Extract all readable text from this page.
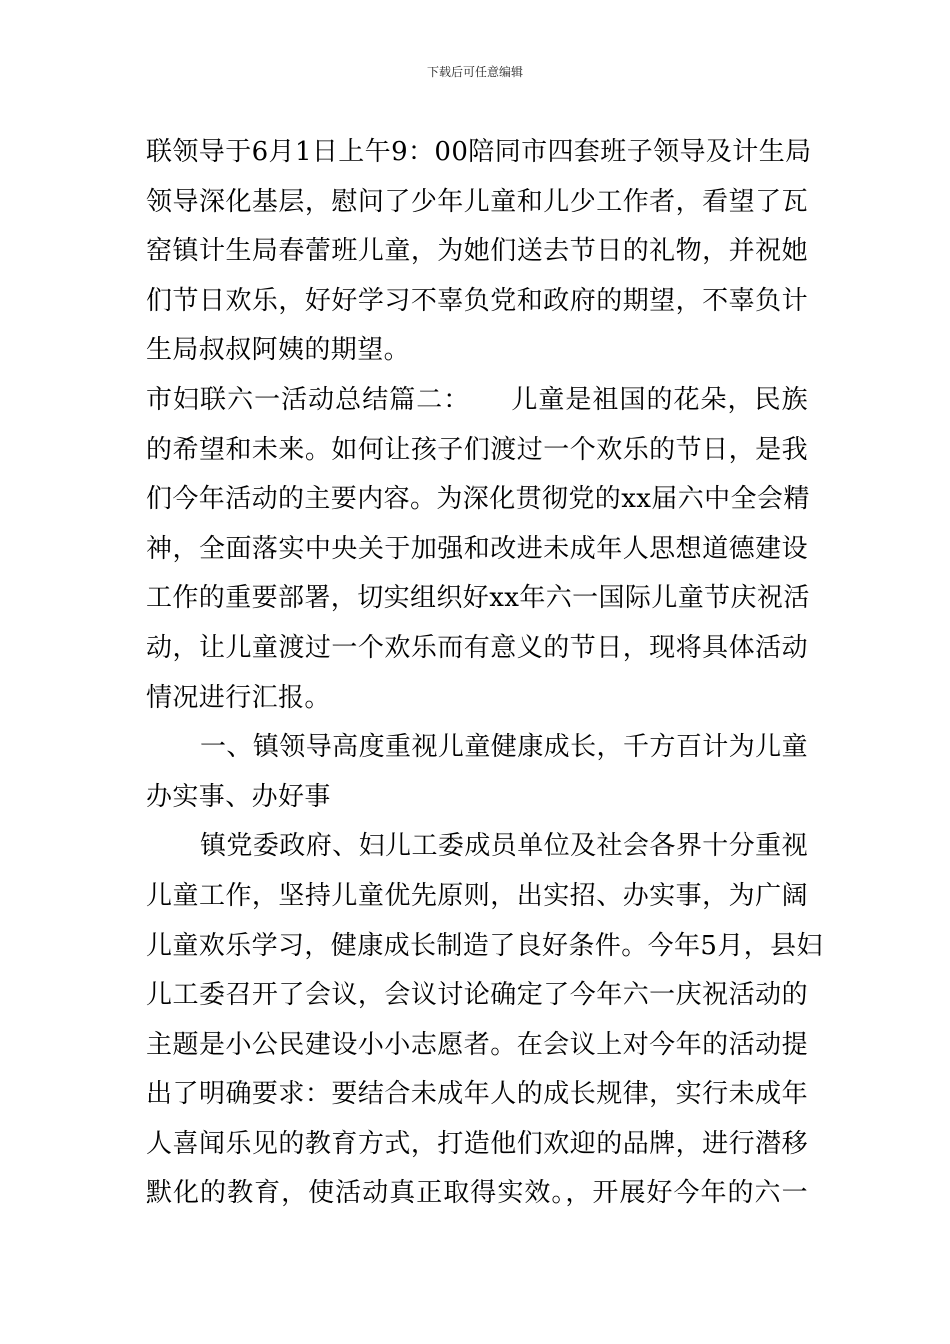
下载后可任意编辑
联领导于6月1日上午9：00陪同市四套班子领导及计生局
领导深化基层，慰问了少年儿童和儿少工作者，看望了瓦
窑镇计生局春蕾班儿童，为她们送去节日的礼物，并祝她
们节日欢乐，好好学习不辜负党和政府的期望，不辜负计
生局叔叔阿姨的期望。
市妇联六一活动总结篇二：　　儿童是祖国的花朵，民族
的希望和未来。如何让孩子们渡过一个欢乐的节日，是我
们今年活动的主要内容。为深化贯彻党的xx届六中全会精
神，全面落实中央关于加强和改进未成年人思想道德建设
工作的重要部署，切实组织好xx年六一国际儿童节庆祝活
动，让儿童渡过一个欢乐而有意义的节日，现将具体活动
情况进行汇报。
一、镇领导高度重视儿童健康成长，千方百计为儿童
办实事、办好事
镇党委政府、妇儿工委成员单位及社会各界十分重视
儿童工作，坚持儿童优先原则，出实招、办实事，为广阔
儿童欢乐学习，健康成长制造了良好条件。今年5月，县妇
儿工委召开了会议，会议讨论确定了今年六一庆祝活动的
主题是小公民建设小小志愿者。在会议上对今年的活动提
出了明确要求：要结合未成年人的成长规律，实行未成年
人喜闻乐见的教育方式，打造他们欢迎的品牌，进行潜移
默化的教育，使活动真正取得实效。，开展好今年的六一
